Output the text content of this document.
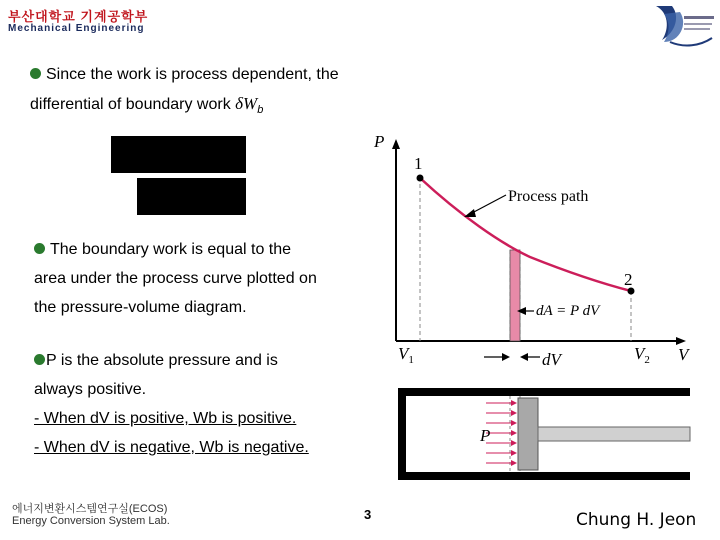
부산대학교 기계공학부
Mechanical Engineering
Since the work is process dependent, the
differential of boundary work $\delta W_b$
The boundary work is equal to the
area under the process curve plotted on
the pressure-volume diagram.
P is the absolute pressure and is
always positive.
- When dV is positive, Wb is positive.
- When dV is negative, Wb is negative.
P
V
1
2
Process path
dA = P dV
$V_1$	$V_2$
dV
P
에너지변환시스템연구실(ECOS)
Energy Conversion System Lab.	3	Chung H. Jeon
